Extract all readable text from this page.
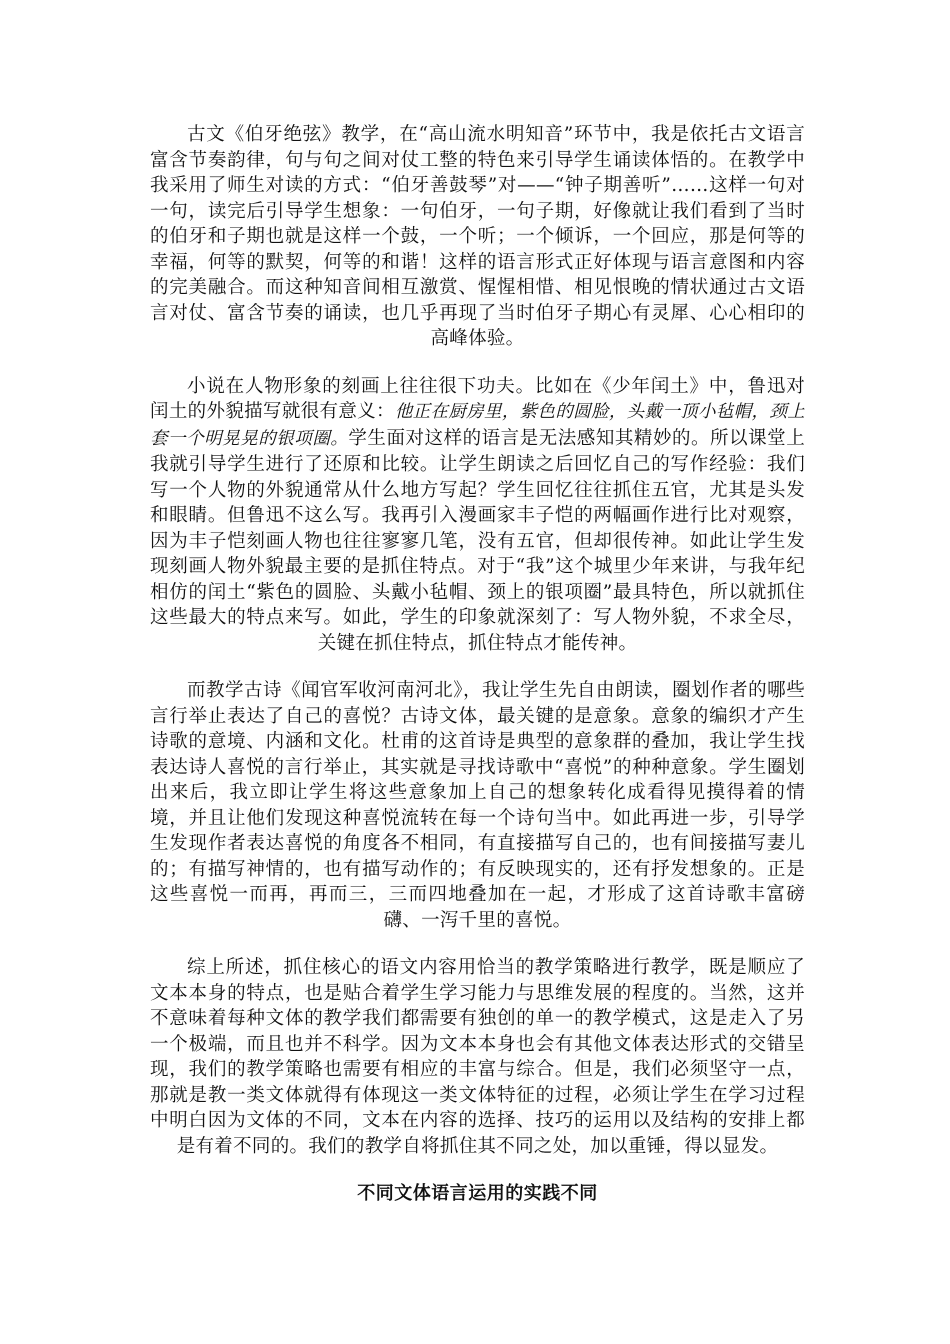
古文《伯牙绝弦》教学，在“高山流水明知音”环节中，我是依托古文语言富含节奏韵律，句与句之间对仗工整的特色来引导学生诵读体悟的。在教学中我采用了师生对读的方式：“伯牙善鼓琴”对——“钟子期善听”……这样一句对一句，读完后引导学生想象：一句伯牙，一句子期，好像就让我们看到了当时的伯牙和子期也就是这样一个鼓，一个听；一个倾诉，一个回应，那是何等的幸福，何等的默契，何等的和谐！这样的语言形式正好体现与语言意图和内容的完美融合。而这种知音间相互激赏、惺惺相惜、相见恨晚的情状通过古文语言对仗、富含节奏的诵读，也几乎再现了当时伯牙子期心有灵犀、心心相印的高峰体验。

小说在人物形象的刻画上往往很下功夫。比如在《少年闰土》中，鲁迅对闰土的外貌描写就很有意义：他正在厨房里，紫色的圆脸，头戴一顶小毡帽，颈上套一个明晃晃的银项圈。学生面对这样的语言是无法感知其精妙的。所以课堂上我就引导学生进行了还原和比较。让学生朗读之后回忆自己的写作经验：我们写一个人物的外貌通常从什么地方写起？学生回忆往往抓住五官，尤其是头发和眼睛。但鲁迅不这么写。我再引入漫画家丰子恺的两幅画作进行比对观察，因为丰子恺刻画人物也往往寥寥几笔，没有五官，但却很传神。如此让学生发现刻画人物外貌最主要的是抓住特点。对于“我”这个城里少年来讲，与我年纪相仿的闰土“紫色的圆脸、头戴小毡帽、颈上的银项圈”最具特色，所以就抓住这些最大的特点来写。如此，学生的印象就深刻了：写人物外貌，不求全尽，关键在抓住特点，抓住特点才能传神。

而教学古诗《闻官军收河南河北》，我让学生先自由朗读，圈划作者的哪些言行举止表达了自己的喜悦？古诗文体，最关键的是意象。意象的编织才产生诗歌的意境、内涵和文化。杜甫的这首诗是典型的意象群的叠加，我让学生找表达诗人喜悦的言行举止，其实就是寻找诗歌中“喜悦”的种种意象。学生圈划出来后，我立即让学生将这些意象加上自己的想象转化成看得见摸得着的情境，并且让他们发现这种喜悦流转在每一个诗句当中。如此再进一步，引导学生发现作者表达喜悦的角度各不相同，有直接描写自己的，也有间接描写妻儿的；有描写神情的，也有描写动作的；有反映现实的，还有抒发想象的。正是这些喜悦一而再，再而三，三而四地叠加在一起，才形成了这首诗歌丰富磅礴、一泻千里的喜悦。

综上所述，抓住核心的语文内容用恰当的教学策略进行教学，既是顺应了文本本身的特点，也是贴合着学生学习能力与思维发展的程度的。当然，这并不意味着每种文体的教学我们都需要有独创的单一的教学模式，这是走入了另一个极端，而且也并不科学。因为文本本身也会有其他文体表达形式的交错呈现，我们的教学策略也需要有相应的丰富与综合。但是，我们必须坚守一点，那就是教一类文体就得有体现这一类文体特征的过程，必须让学生在学习过程中明白因为文体的不同，文本在内容的选择、技巧的运用以及结构的安排上都是有着不同的。我们的教学自将抓住其不同之处，加以重锤，得以显发。

不同文体语言运用的实践不同
